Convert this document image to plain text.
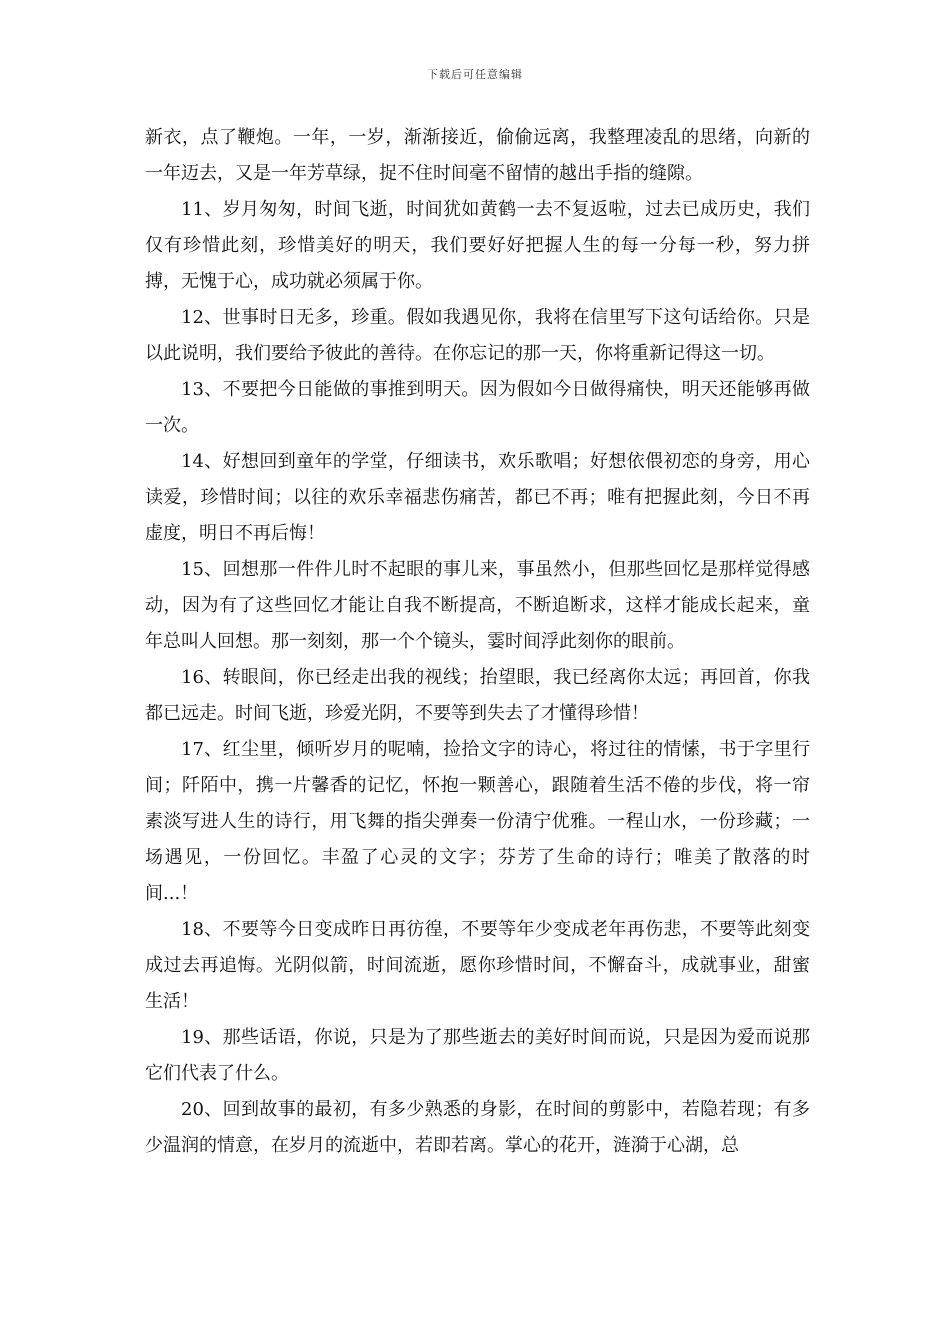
下载后可任意编辑

新衣，点了鞭炮。一年，一岁，渐渐接近，偷偷远离，我整理凌乱的思绪，向新的一年迈去，又是一年芳草绿，捉不住时间毫不留情的越出手指的缝隙。

11、岁月匆匆，时间飞逝，时间犹如黄鹤一去不复返啦，过去已成历史，我们仅有珍惜此刻，珍惜美好的明天，我们要好好把握人生的每一分每一秒，努力拼搏，无愧于心，成功就必须属于你。

12、世事时日无多，珍重。假如我遇见你，我将在信里写下这句话给你。只是以此说明，我们要给予彼此的善待。在你忘记的那一天，你将重新记得这一切。

13、不要把今日能做的事推到明天。因为假如今日做得痛快，明天还能够再做一次。

14、好想回到童年的学堂，仔细读书，欢乐歌唱；好想依偎初恋的身旁，用心读爱，珍惜时间；以往的欢乐幸福悲伤痛苦，都已不再；唯有把握此刻，今日不再虚度，明日不再后悔！

15、回想那一件件儿时不起眼的事儿来，事虽然小，但那些回忆是那样觉得感动，因为有了这些回忆才能让自我不断提高，不断追断求，这样才能成长起来，童年总叫人回想。那一刻刻，那一个个镜头，霎时间浮此刻你的眼前。

16、转眼间，你已经走出我的视线；抬望眼，我已经离你太远；再回首，你我都已远走。时间飞逝，珍爱光阴，不要等到失去了才懂得珍惜！

17、红尘里，倾听岁月的呢喃，捡拾文字的诗心，将过往的情愫，书于字里行间；阡陌中，携一片馨香的记忆，怀抱一颗善心，跟随着生活不倦的步伐，将一帘素淡写进人生的诗行，用飞舞的指尖弹奏一份清宁优雅。一程山水，一份珍藏；一场遇见，一份回忆。丰盈了心灵的文字；芬芳了生命的诗行；唯美了散落的时间...！

18、不要等今日变成昨日再彷徨，不要等年少变成老年再伤悲，不要等此刻变成过去再追悔。光阴似箭，时间流逝，愿你珍惜时间，不懈奋斗，成就事业，甜蜜生活！

19、那些话语，你说，只是为了那些逝去的美好时间而说，只是因为爱而说那它们代表了什么。

20、回到故事的最初，有多少熟悉的身影，在时间的剪影中，若隐若现；有多少温润的情意，在岁月的流逝中，若即若离。掌心的花开，涟漪于心湖，总
